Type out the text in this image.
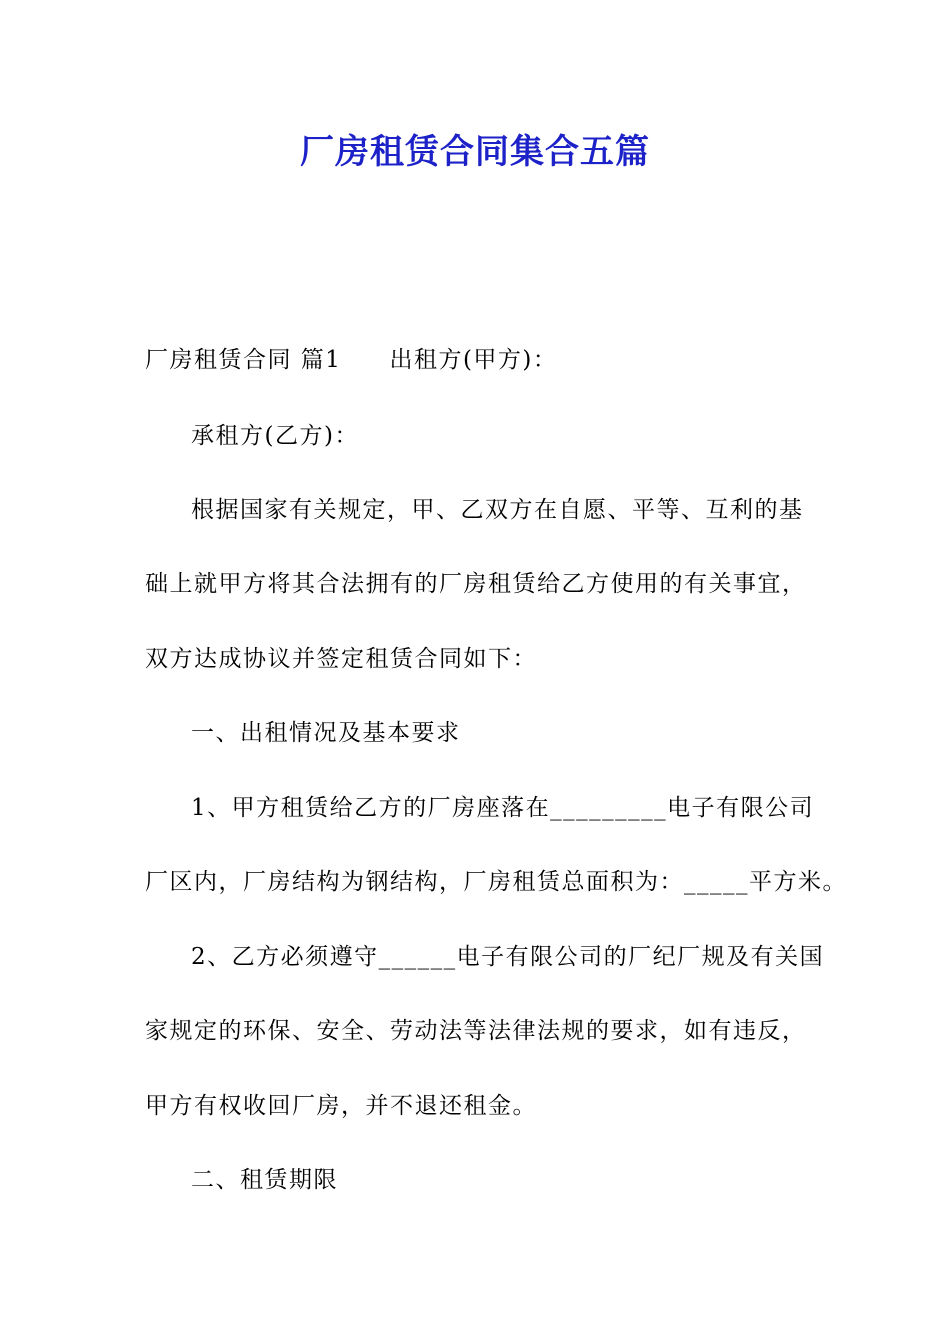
厂房租赁合同集合五篇

厂房租赁合同 篇1 出租方(甲方)：

承租方(乙方)：

根据国家有关规定，甲、乙双方在自愿、平等、互利的基

础上就甲方将其合法拥有的厂房租赁给乙方使用的有关事宜，

双方达成协议并签定租赁合同如下：

一、出租情况及基本要求

1、甲方租赁给乙方的厂房座落在_________电子有限公司

厂区内，厂房结构为钢结构，厂房租赁总面积为：_____平方米。

2、乙方必须遵守______电子有限公司的厂纪厂规及有关国

家规定的环保、安全、劳动法等法律法规的要求，如有违反，

甲方有权收回厂房，并不退还租金。

二、租赁期限
